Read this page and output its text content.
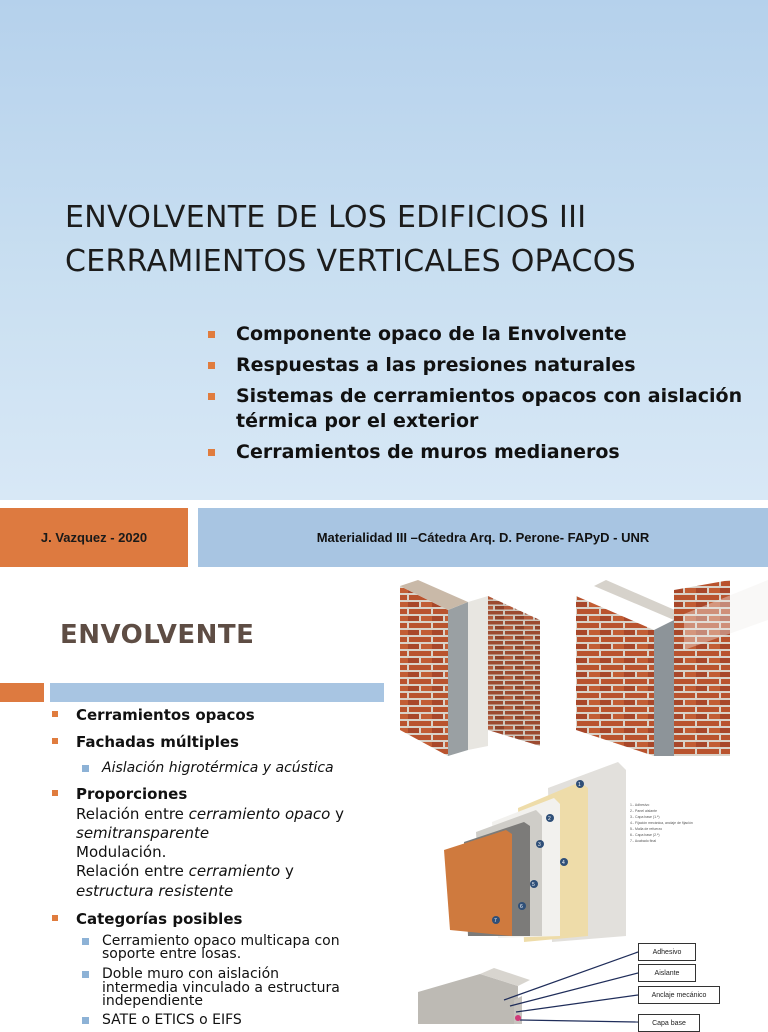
ENVOLVENTE DE LOS EDIFICIOS III
CERRAMIENTOS VERTICALES OPACOS
Componente opaco de la Envolvente
Respuestas a las presiones naturales
Sistemas de cerramientos opacos con aislación térmica por el exterior
Cerramientos de muros medianeros
J. Vazquez - 2020	Materialidad III –Cátedra Arq. D. Perone- FAPyD - UNR
ENVOLVENTE
Cerramientos opacos
Fachadas múltiples
Aislación higrotérmica y acústica
Proporciones
Relación entre cerramiento opaco y
semitransparente
Modulación.
Relación entre cerramiento y
estructura resistente
Categorías posibles
Cerramiento opaco multicapa con
soporte entre losas.
Doble muro con aislación
intermedia vinculado a estructura
independiente
SATE o ETICS o EIFS
1
2
3
4
5
6
7
1.- Adhesivo
2.- Panel aislante
3.- Capa base (1.ª)
4.- Fijación mecánica, anclaje de fijación
5.- Malla de refuerzo
6.- Capa base (2.ª)
7.- Acabado final
Adhesivo
Aislante
Anclaje mecánico
Capa base
